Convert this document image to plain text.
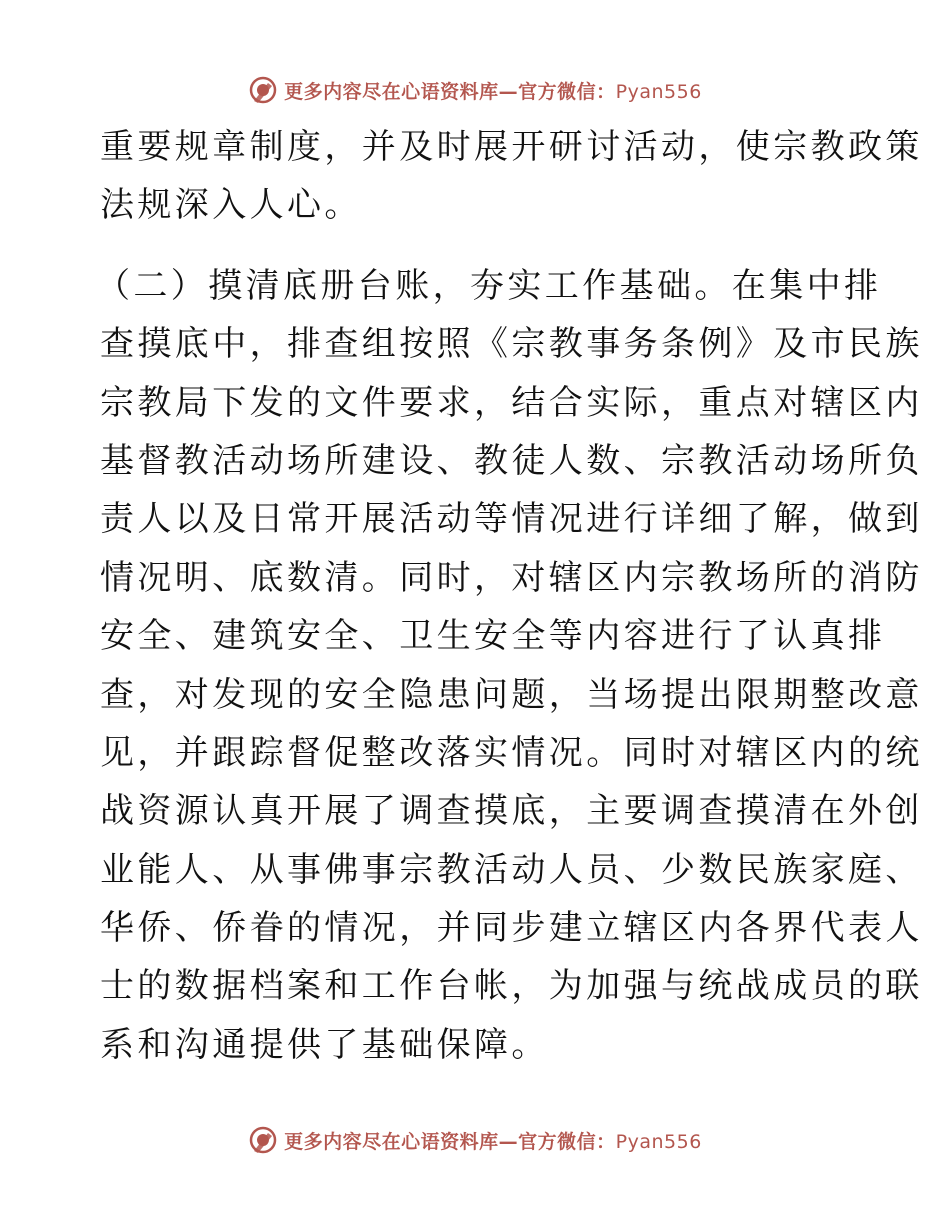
更多内容尽在心语资料库—官方微信：Pyan556
重要规章制度，并及时展开研讨活动，使宗教政策
法规深入人心。
（二）摸清底册台账，夯实工作基础。在集中排
查摸底中，排查组按照《宗教事务条例》及市民族
宗教局下发的文件要求，结合实际，重点对辖区内
基督教活动场所建设、教徒人数、宗教活动场所负
责人以及日常开展活动等情况进行详细了解，做到
情况明、底数清。同时，对辖区内宗教场所的消防
安全、建筑安全、卫生安全等内容进行了认真排
查，对发现的安全隐患问题，当场提出限期整改意
见，并跟踪督促整改落实情况。同时对辖区内的统
战资源认真开展了调查摸底，主要调查摸清在外创
业能人、从事佛事宗教活动人员、少数民族家庭、
华侨、侨眷的情况，并同步建立辖区内各界代表人
士的数据档案和工作台帐，为加强与统战成员的联
系和沟通提供了基础保障。
更多内容尽在心语资料库—官方微信：Pyan556
